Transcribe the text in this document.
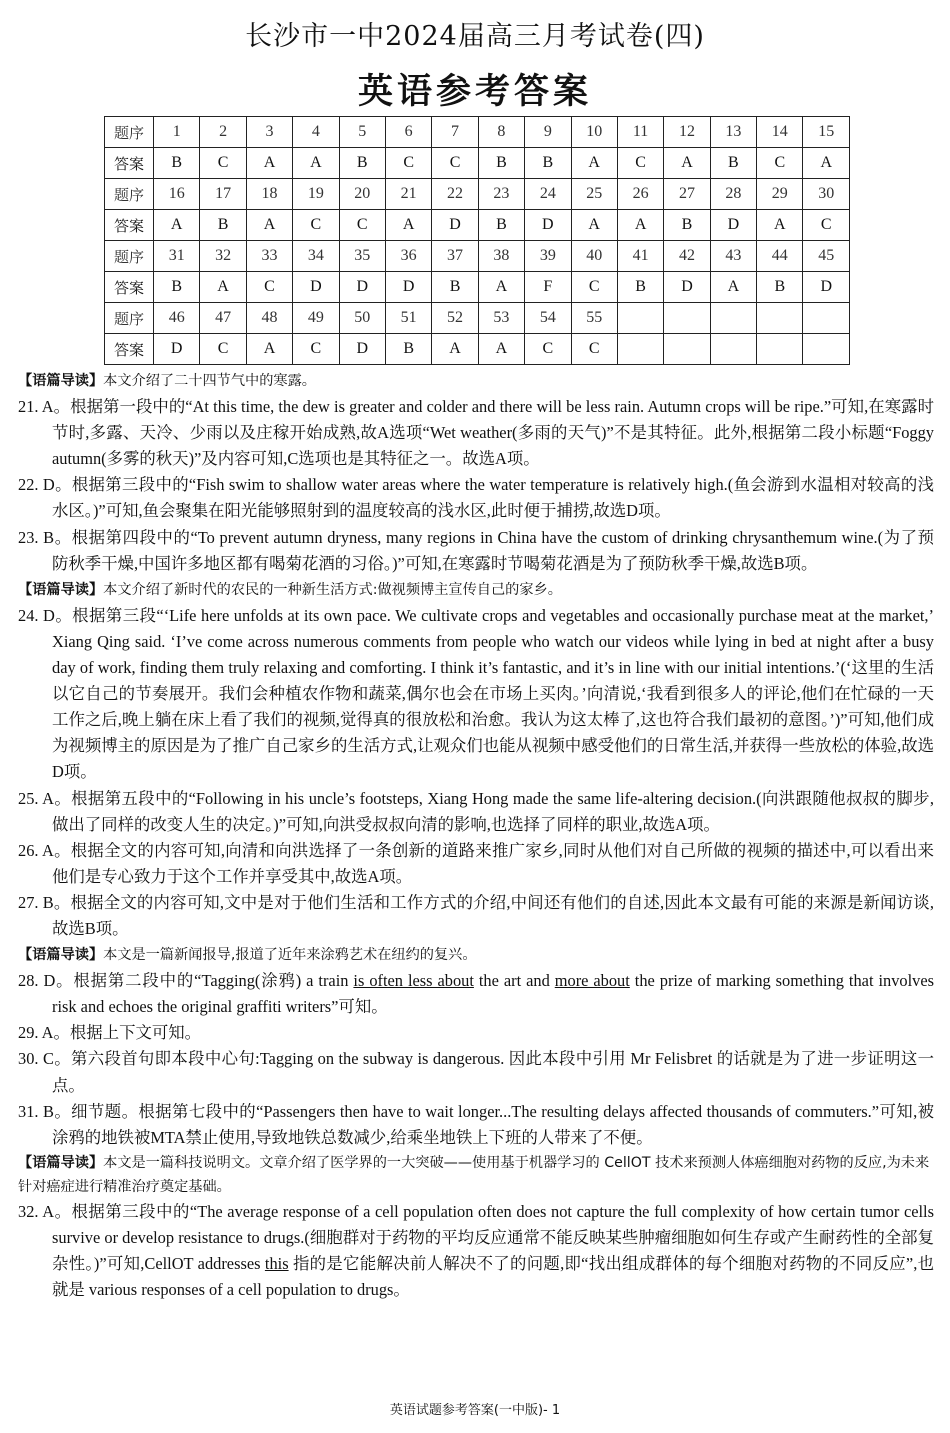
长沙市一中2024届高三月考试卷(四)
英语参考答案
题序	1	2	3	4	5	6	7	8	9	10	11	12	13	14	15
答案	B	C	A	A	B	C	C	B	B	A	C	A	B	C	A
题序	16	17	18	19	20	21	22	23	24	25	26	27	28	29	30
答案	A	B	A	C	C	A	D	B	D	A	A	B	D	A	C
题序	31	32	33	34	35	36	37	38	39	40	41	42	43	44	45
答案	B	A	C	D	D	D	B	A	F	C	B	D	A	B	D
题序	46	47	48	49	50	51	52	53	54	55					
答案	D	C	A	C	D	B	A	A	C	C					
【语篇导读】本文介绍了二十四节气中的寒露。
21. A。根据第一段中的“At this time, the dew is greater and colder and there will be less rain. Autumn crops will be ripe.”可知,在寒露时节时,多露、天冷、少雨以及庄稼开始成熟,故A选项“Wet weather(多雨的天气)”不是其特征。此外,根据第二段小标题“Foggy autumn(多雾的秋天)”及内容可知,C选项也是其特征之一。故选A项。
22. D。根据第三段中的“Fish swim to shallow water areas where the water temperature is relatively high.(鱼会游到水温相对较高的浅水区。)”可知,鱼会聚集在阳光能够照射到的温度较高的浅水区,此时便于捕捞,故选D项。
23. B。根据第四段中的“To prevent autumn dryness, many regions in China have the custom of drinking chrysanthemum wine.(为了预防秋季干燥,中国许多地区都有喝菊花酒的习俗。)”可知,在寒露时节喝菊花酒是为了预防秋季干燥,故选B项。
【语篇导读】本文介绍了新时代的农民的一种新生活方式:做视频博主宣传自己的家乡。
24. D。根据第三段“‘Life here unfolds at its own pace. We cultivate crops and vegetables and occasionally purchase meat at the market,’ Xiang Qing said. ‘I’ve come across numerous comments from people who watch our videos while lying in bed at night after a busy day of work, finding them truly relaxing and comforting. I think it’s fantastic, and it’s in line with our initial intentions.’(‘这里的生活以它自己的节奏展开。我们会种植农作物和蔬菜,偶尔也会在市场上买肉。’向清说,‘我看到很多人的评论,他们在忙碌的一天工作之后,晚上躺在床上看了我们的视频,觉得真的很放松和治愈。我认为这太棒了,这也符合我们最初的意图。’)”可知,他们成为视频博主的原因是为了推广自己家乡的生活方式,让观众们也能从视频中感受他们的日常生活,并获得一些放松的体验,故选D项。
25. A。根据第五段中的“Following in his uncle’s footsteps, Xiang Hong made the same life-altering decision.(向洪跟随他叔叔的脚步,做出了同样的改变人生的决定。)”可知,向洪受叔叔向清的影响,也选择了同样的职业,故选A项。
26. A。根据全文的内容可知,向清和向洪选择了一条创新的道路来推广家乡,同时从他们对自己所做的视频的描述中,可以看出来他们是专心致力于这个工作并享受其中,故选A项。
27. B。根据全文的内容可知,文中是对于他们生活和工作方式的介绍,中间还有他们的自述,因此本文最有可能的来源是新闻访谈,故选B项。
【语篇导读】本文是一篇新闻报导,报道了近年来涂鸦艺术在纽约的复兴。
28. D。根据第二段中的“Tagging(涂鸦) a train is often less about the art and more about the prize of marking something that involves risk and echoes the original graffiti writers”可知。
29. A。根据上下文可知。
30. C。第六段首句即本段中心句:Tagging on the subway is dangerous. 因此本段中引用 Mr Felisbret 的话就是为了进一步证明这一点。
31. B。细节题。根据第七段中的“Passengers then have to wait longer...The resulting delays affected thousands of commuters.”可知,被涂鸦的地铁被MTA禁止使用,导致地铁总数减少,给乘坐地铁上下班的人带来了不便。
【语篇导读】本文是一篇科技说明文。文章介绍了医学界的一大突破——使用基于机器学习的 CellOT 技术来预测人体癌细胞对药物的反应,为未来针对癌症进行精准治疗奠定基础。
32. A。根据第三段中的“The average response of a cell population often does not capture the full complexity of how certain tumor cells survive or develop resistance to drugs.(细胞群对于药物的平均反应通常不能反映某些肿瘤细胞如何生存或产生耐药性的全部复杂性。)”可知,CellOT addresses this 指的是它能解决前人解决不了的问题,即“找出组成群体的每个细胞对药物的不同反应”,也就是 various responses of a cell population to drugs。
英语试题参考答案(一中版)- 1
